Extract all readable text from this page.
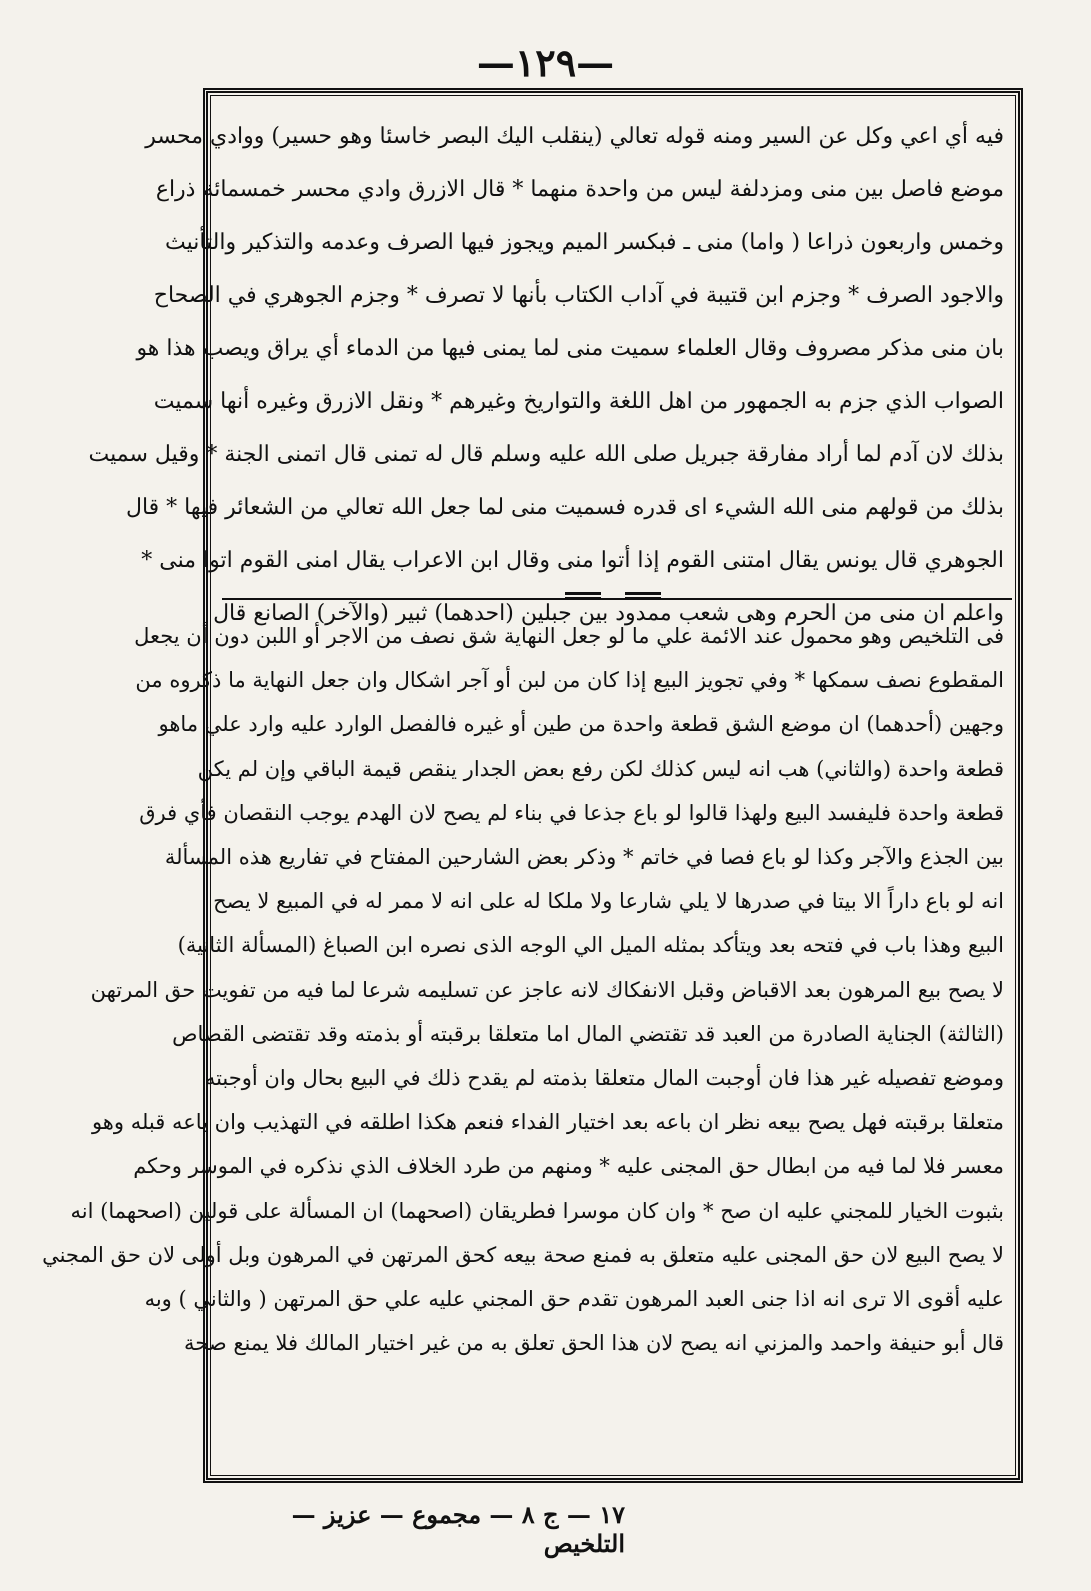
—١٢٩—

فيه أي اعي وكل عن السير ومنه قوله تعالي (ينقلب اليك البصر خاسئا وهو حسير) ووادي محسر

موضع فاصل بين منى ومزدلفة ليس من واحدة منهما * قال الازرق وادي محسر خمسمائة ذراع

وخمس واربعون ذراعا ( واما) منى ـ فبكسر الميم ويجوز فيها الصرف وعدمه والتذكير والتأنيث

والاجود الصرف * وجزم ابن قتيبة في آداب الكتاب بأنها لا تصرف * وجزم الجوهري في الصحاح

بان منى مذكر مصروف وقال العلماء سميت منى لما يمنى فيها من الدماء أي يراق ويصب هذا هو

الصواب الذي جزم به الجمهور من اهل اللغة والتواريخ وغيرهم * ونقل الازرق وغيره أنها سميت

بذلك لان آدم لما أراد مفارقة جبريل صلى الله عليه وسلم قال له تمنى قال اتمنى الجنة * وقيل سميت

بذلك من قولهم منى الله الشيء اى قدره فسميت منى لما جعل الله تعالي من الشعائر فيها * قال

الجوهري قال يونس يقال امتنى القوم إذا أتوا منى وقال ابن الاعراب يقال امنى القوم اتوا منى *

واعلم ان منى من الحرم وهى شعب ممدود بين جبلين (احدهما) ثبير (والآخر) الصانع قال

فى التلخيص وهو محمول عند الائمة علي ما لو جعل النهاية شق نصف من الاجر أو اللبن دون أن يجعل

المقطوع نصف سمكها * وفي تجويز البيع إذا كان من لبن أو آجر اشكال وان جعل النهاية ما ذكروه من

وجهين (أحدهما) ان موضع الشق قطعة واحدة من طين أو غيره فالفصل الوارد عليه وارد علي ماهو

قطعة واحدة (والثاني) هب انه ليس كذلك لكن رفع بعض الجدار ينقص قيمة الباقي وإن لم يكن

قطعة واحدة فليفسد البيع ولهذا قالوا لو باع جذعا في بناء لم يصح لان الهدم يوجب النقصان فأي فرق

بين الجذع والآجر وكذا لو باع فصا في خاتم * وذكر بعض الشارحين المفتاح في تفاريع هذه المسألة

انه لو باع داراً الا بيتا في صدرها لا يلي شارعا ولا ملكا له على انه لا ممر له في المبيع لا يصح

البيع وهذا باب في فتحه بعد ويتأكد بمثله الميل الي الوجه الذى نصره ابن الصباغ (المسألة الثانية)

لا يصح بيع المرهون بعد الاقباض وقبل الانفكاك لانه عاجز عن تسليمه شرعا لما فيه من تفويت حق المرتهن

(الثالثة) الجناية الصادرة من العبد قد تقتضي المال اما متعلقا برقبته أو بذمته وقد تقتضى القصاص

وموضع تفصيله غير هذا فان أوجبت المال متعلقا بذمته لم يقدح ذلك في البيع بحال وان أوجبته

متعلقا برقبته فهل يصح بيعه نظر ان باعه بعد اختيار الفداء فنعم هكذا اطلقه في التهذيب وان باعه قبله وهو

معسر فلا لما فيه من ابطال حق المجنى عليه * ومنهم من طرد الخلاف الذي نذكره في الموسر وحكم

بثبوت الخيار للمجني عليه ان صح * وان كان موسرا فطريقان (اصحهما) ان المسألة على قولين (اصحهما) انه

لا يصح البيع لان حق المجنى عليه متعلق به فمنع صحة بيعه كحق المرتهن في المرهون وبل أولى لان حق المجني

عليه أقوى الا ترى انه اذا جنى العبد المرهون تقدم حق المجني عليه علي حق المرتهن ( والثاني ) وبه

قال أبو حنيفة واحمد والمزني انه يصح لان هذا الحق تعلق به من غير اختيار المالك فلا يمنع صحة

١٧ — ج ٨ — مجموع — عزيز — التلخيص
